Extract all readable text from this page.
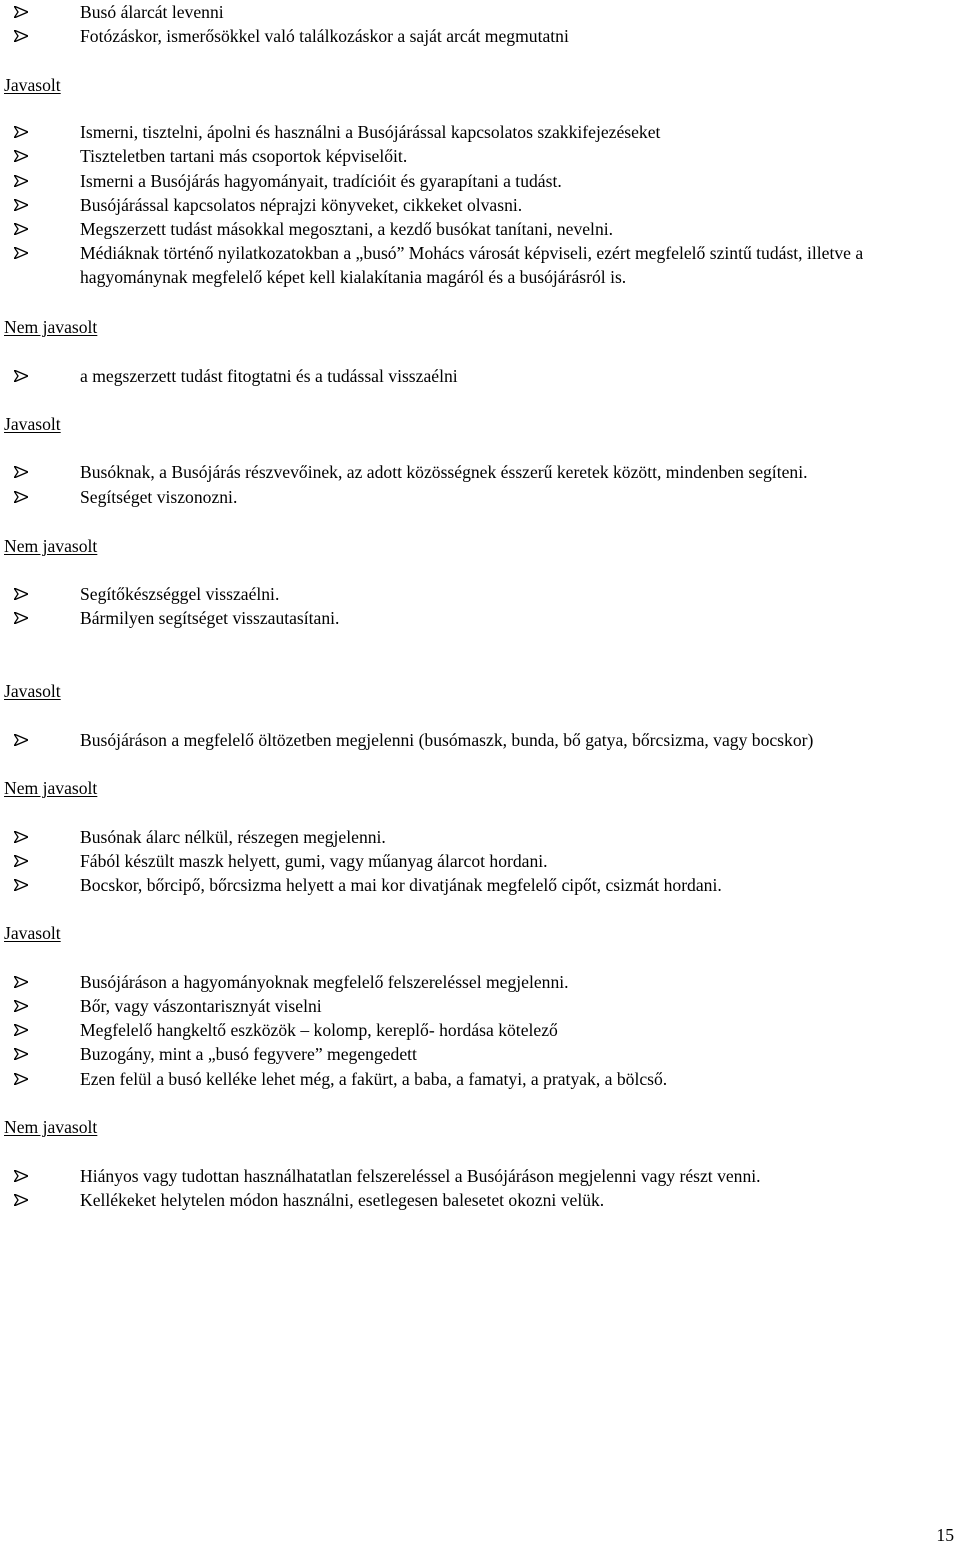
Busó álarcát levenni
Fotózáskor, ismerősökkel való találkozáskor a saját arcát megmutatni
Javasolt
Ismerni, tisztelni, ápolni és használni a Busójárással kapcsolatos szakkifejezéseket
Tiszteletben tartani más csoportok képviselőit.
Ismerni a Busójárás hagyományait, tradícióit és gyarapítani a tudást.
Busójárással kapcsolatos néprajzi könyveket, cikkeket olvasni.
Megszerzett tudást másokkal megosztani, a kezdő busókat tanítani, nevelni.
Médiáknak történő nyilatkozatokban a „busó” Mohács városát képviseli, ezért megfelelő szintű tudást, illetve a hagyománynak megfelelő képet kell kialakítania magáról és a busójárásról is.
Nem javasolt
a megszerzett tudást fitogtatni és a tudással visszaélni
Javasolt
Busóknak, a Busójárás részvevőinek, az adott közösségnek ésszerű keretek között, mindenben segíteni.
Segítséget viszonozni.
Nem javasolt
Segítőkészséggel visszaélni.
Bármilyen segítséget visszautasítani.
Javasolt
Busójáráson a megfelelő öltözetben megjelenni (busómaszk, bunda, bő gatya, bőrcsizma, vagy bocskor)
Nem javasolt
Busónak álarc nélkül, részegen megjelenni.
Fából készült maszk helyett, gumi, vagy műanyag álarcot hordani.
Bocskor, bőrcipő, bőrcsizma helyett a mai kor divatjának megfelelő cipőt, csizmát hordani.
Javasolt
Busójáráson a hagyományoknak megfelelő felszereléssel megjelenni.
Bőr, vagy vászontarisznyát viselni
Megfelelő hangkeltő eszközök – kolomp, kereplő- hordása kötelező
Buzogány, mint a „busó fegyvere” megengedett
Ezen felül a busó kelléke lehet még, a fakürt, a baba, a famatyi, a pratyak, a bölcső.
Nem javasolt
Hiányos vagy tudottan használhatatlan felszereléssel a Busójáráson megjelenni vagy részt venni.
Kellékeket helytelen módon használni, esetlegesen balesetet okozni velük.
15
